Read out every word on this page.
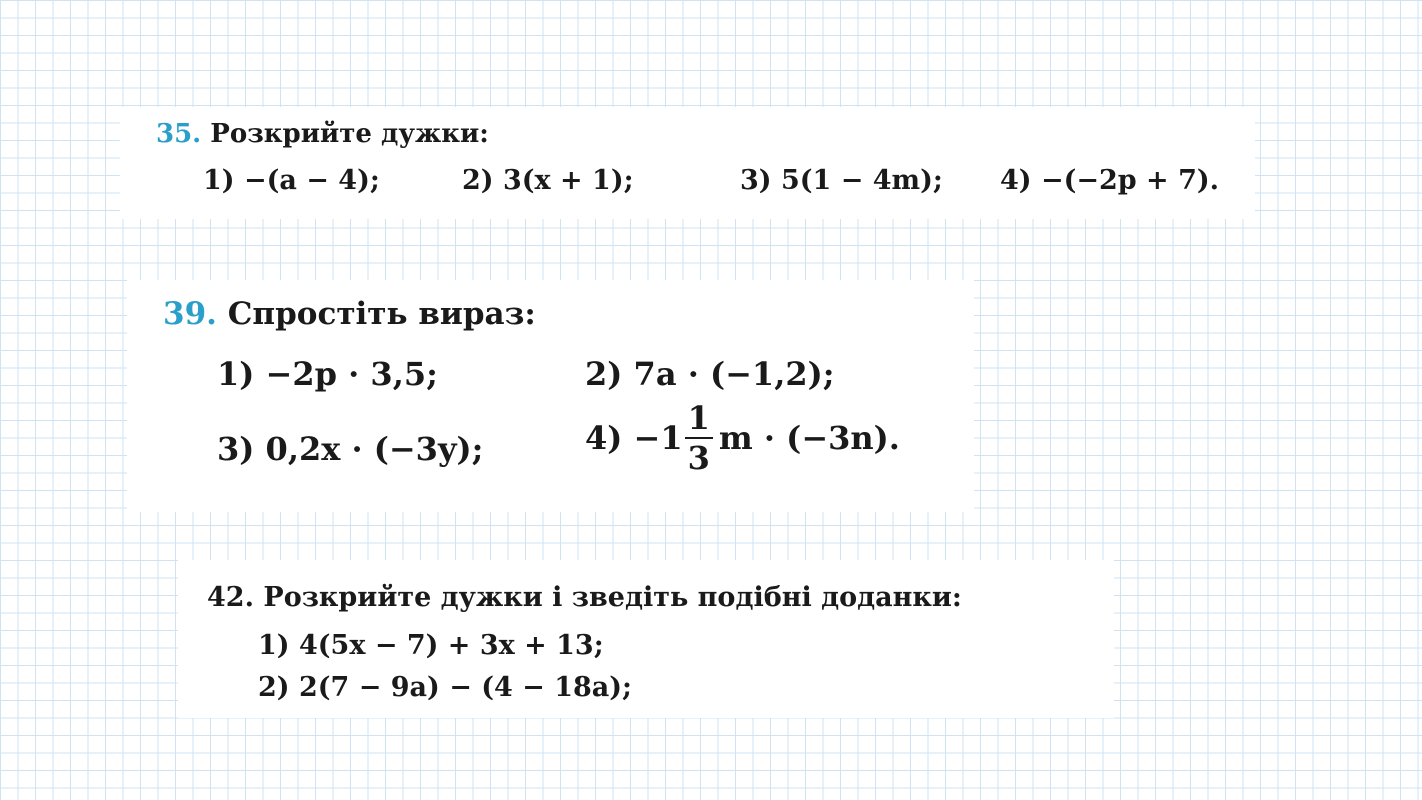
35. Розкрийте дужки:
1) −(a − 4);	2) 3(x + 1);	3) 5(1 − 4m); 4) −(−2p + 7).
39. Спростіть вираз:
1) −2p · 3,5;	2) 7a · (−1,2);
3) 0,2x · (−3y);	$4) -1 \frac{1}{3}$ m · (−3n).
42. Розкрийте дужки і зведіть подібні доданки:
1) 4(5x − 7) + 3x + 13;
2) 2(7 − 9a) − (4 − 18a);
